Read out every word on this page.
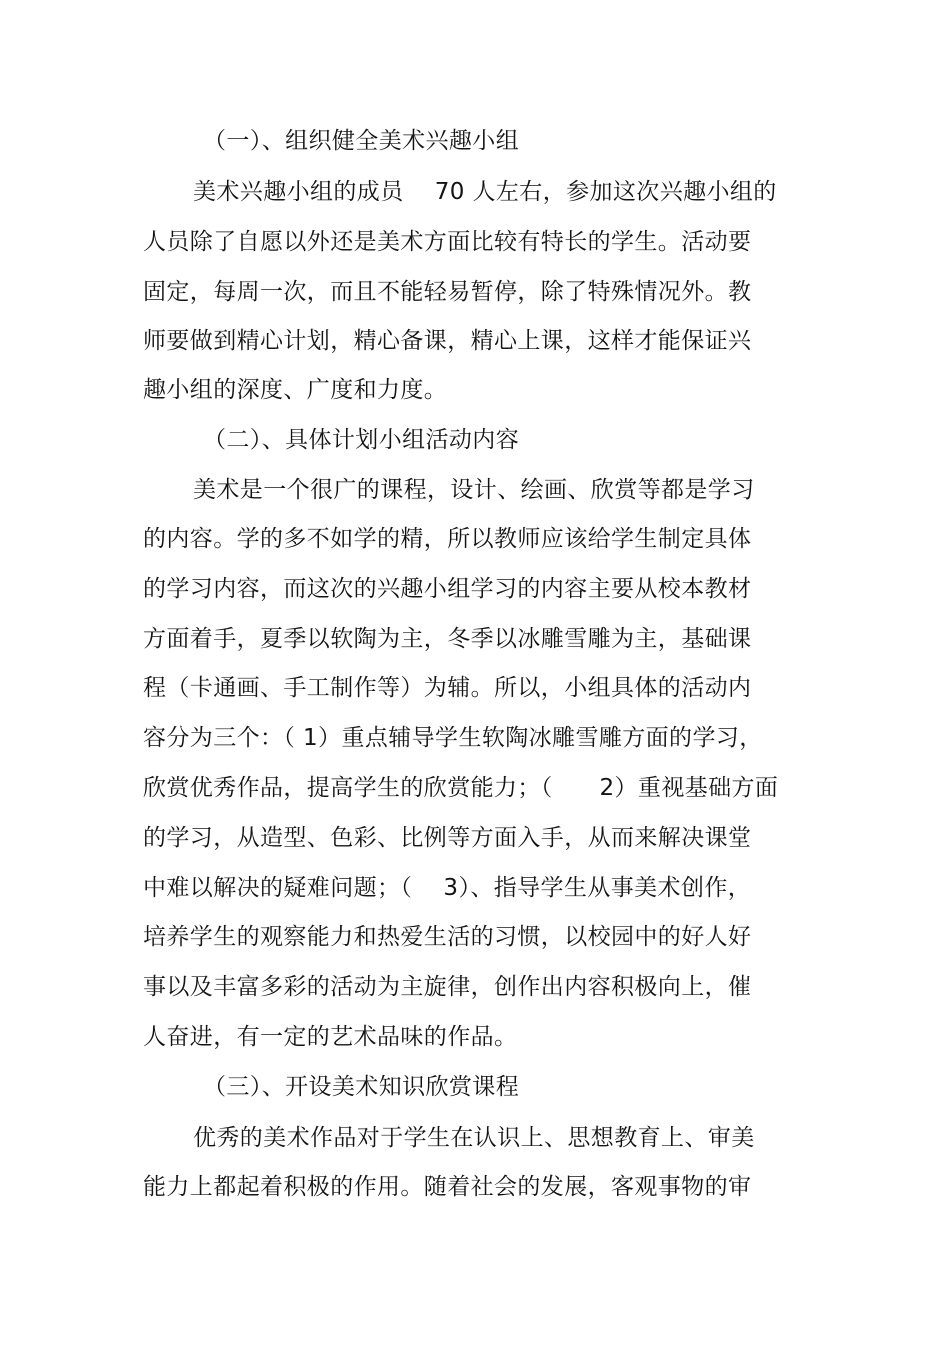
（一）、组织健全美术兴趣小组
美术兴趣小组的成员　 70 人左右，参加这次兴趣小组的
人员除了自愿以外还是美术方面比较有特长的学生。活动要
固定，每周一次，而且不能轻易暂停，除了特殊情况外。教
师要做到精心计划，精心备课，精心上课，这样才能保证兴
趣小组的深度、广度和力度。
（二）、具体计划小组活动内容
美术是一个很广的课程，设计、绘画、欣赏等都是学习
的内容。学的多不如学的精，所以教师应该给学生制定具体
的学习内容，而这次的兴趣小组学习的内容主要从校本教材
方面着手，夏季以软陶为主，冬季以冰雕雪雕为主，基础课
程（卡通画、手工制作等）为辅。所以，小组具体的活动内
容分为三个：（ 1）重点辅导学生软陶冰雕雪雕方面的学习，
欣赏优秀作品，提高学生的欣赏能力；（　　2）重视基础方面
的学习，从造型、色彩、比例等方面入手，从而来解决课堂
中难以解决的疑难问题；（　 3）、指导学生从事美术创作，
培养学生的观察能力和热爱生活的习惯，以校园中的好人好
事以及丰富多彩的活动为主旋律，创作出内容积极向上，催
人奋进，有一定的艺术品味的作品。
（三）、开设美术知识欣赏课程
优秀的美术作品对于学生在认识上、思想教育上、审美
能力上都起着积极的作用。随着社会的发展，客观事物的审
